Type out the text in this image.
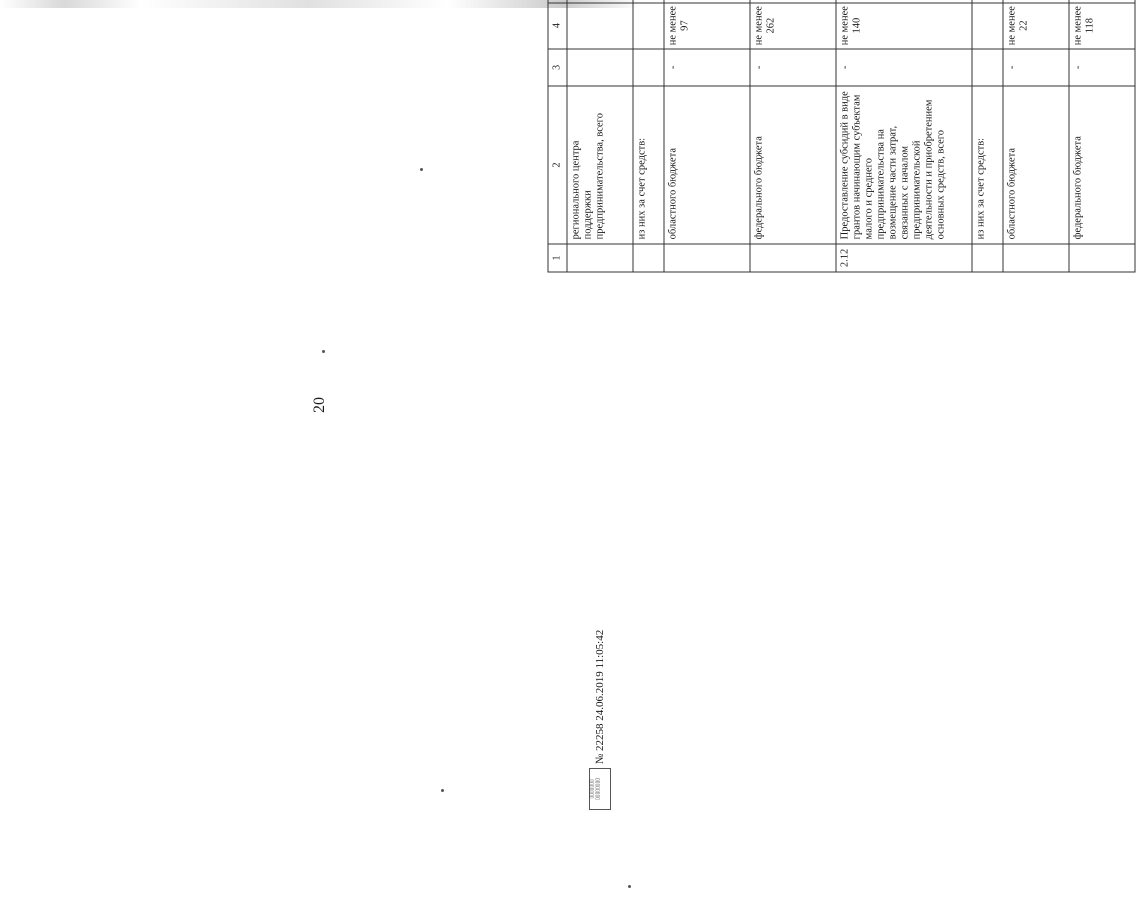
20
1	2	3	4										
	регионального центра поддержки предпринимательства, всего												
	из них за счет средств:												
	областного бюджета	-	не менее 97										
	федерального бюджета	-	не менее 262										
2.12	Предоставление субсидий в виде грантов начинающим субъектам малого и среднего предпринимательства на возмещение части затрат, связанных с началом предпринимательской деятельности и приобретением основных средств, всего	-	не менее 140										
	из них за счет средств:												
	областного бюджета	-	не менее 22										
	федерального бюджета	-	не менее 118										
▯▯▯▯▯▯▯
▯▯▯▯▯▯▯▯
№ 22258 24.06.2019 11:05:42
